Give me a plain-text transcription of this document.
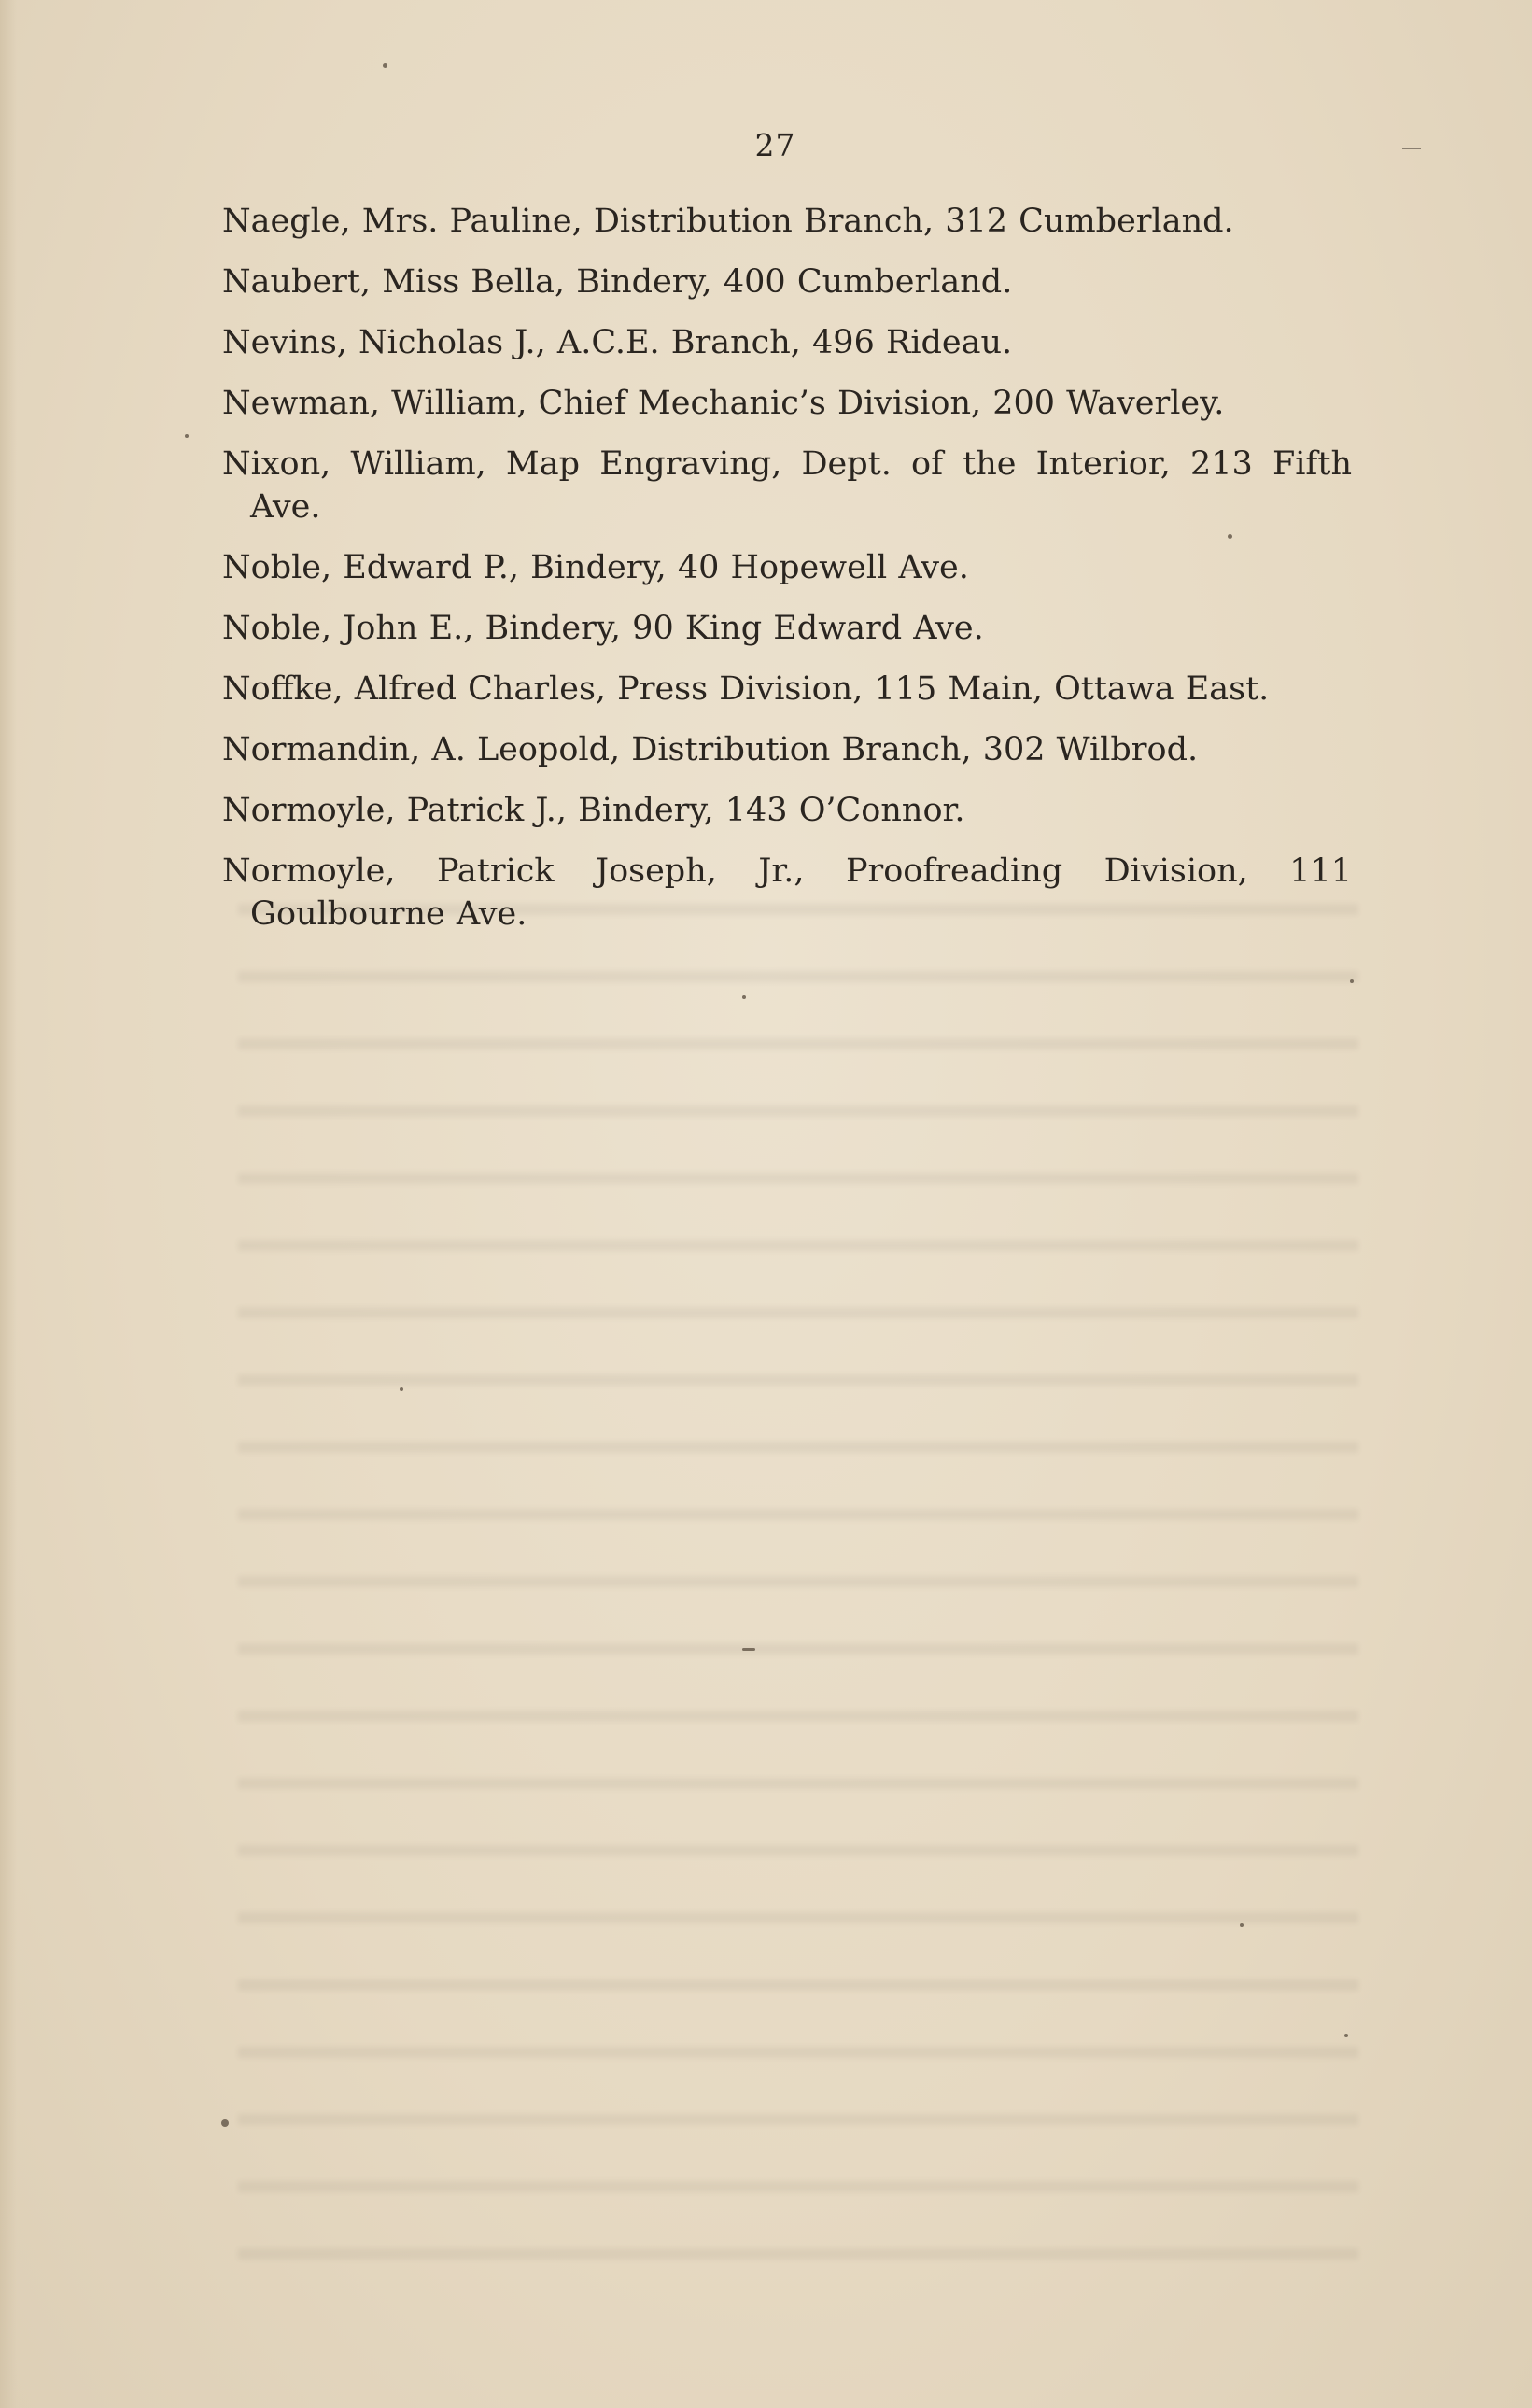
27
Naegle, Mrs. Pauline, Distribution Branch, 312 Cumberland.
Naubert, Miss Bella, Bindery, 400 Cumberland.
Nevins, Nicholas J., A.C.E. Branch, 496 Rideau.
Newman, William, Chief Mechanic’s Division, 200 Waverley.
Nixon, William, Map Engraving, Dept. of the Interior, 213 Fifth Ave.
Noble, Edward P., Bindery, 40 Hopewell Ave.
Noble, John E., Bindery, 90 King Edward Ave.
Noffke, Alfred Charles, Press Division, 115 Main, Ottawa East.
Normandin, A. Leopold, Distribution Branch, 302 Wilbrod.
Normoyle, Patrick J., Bindery, 143 O’Connor.
Normoyle, Patrick Joseph, Jr., Proofreading Division, 111 Goulbourne Ave.
